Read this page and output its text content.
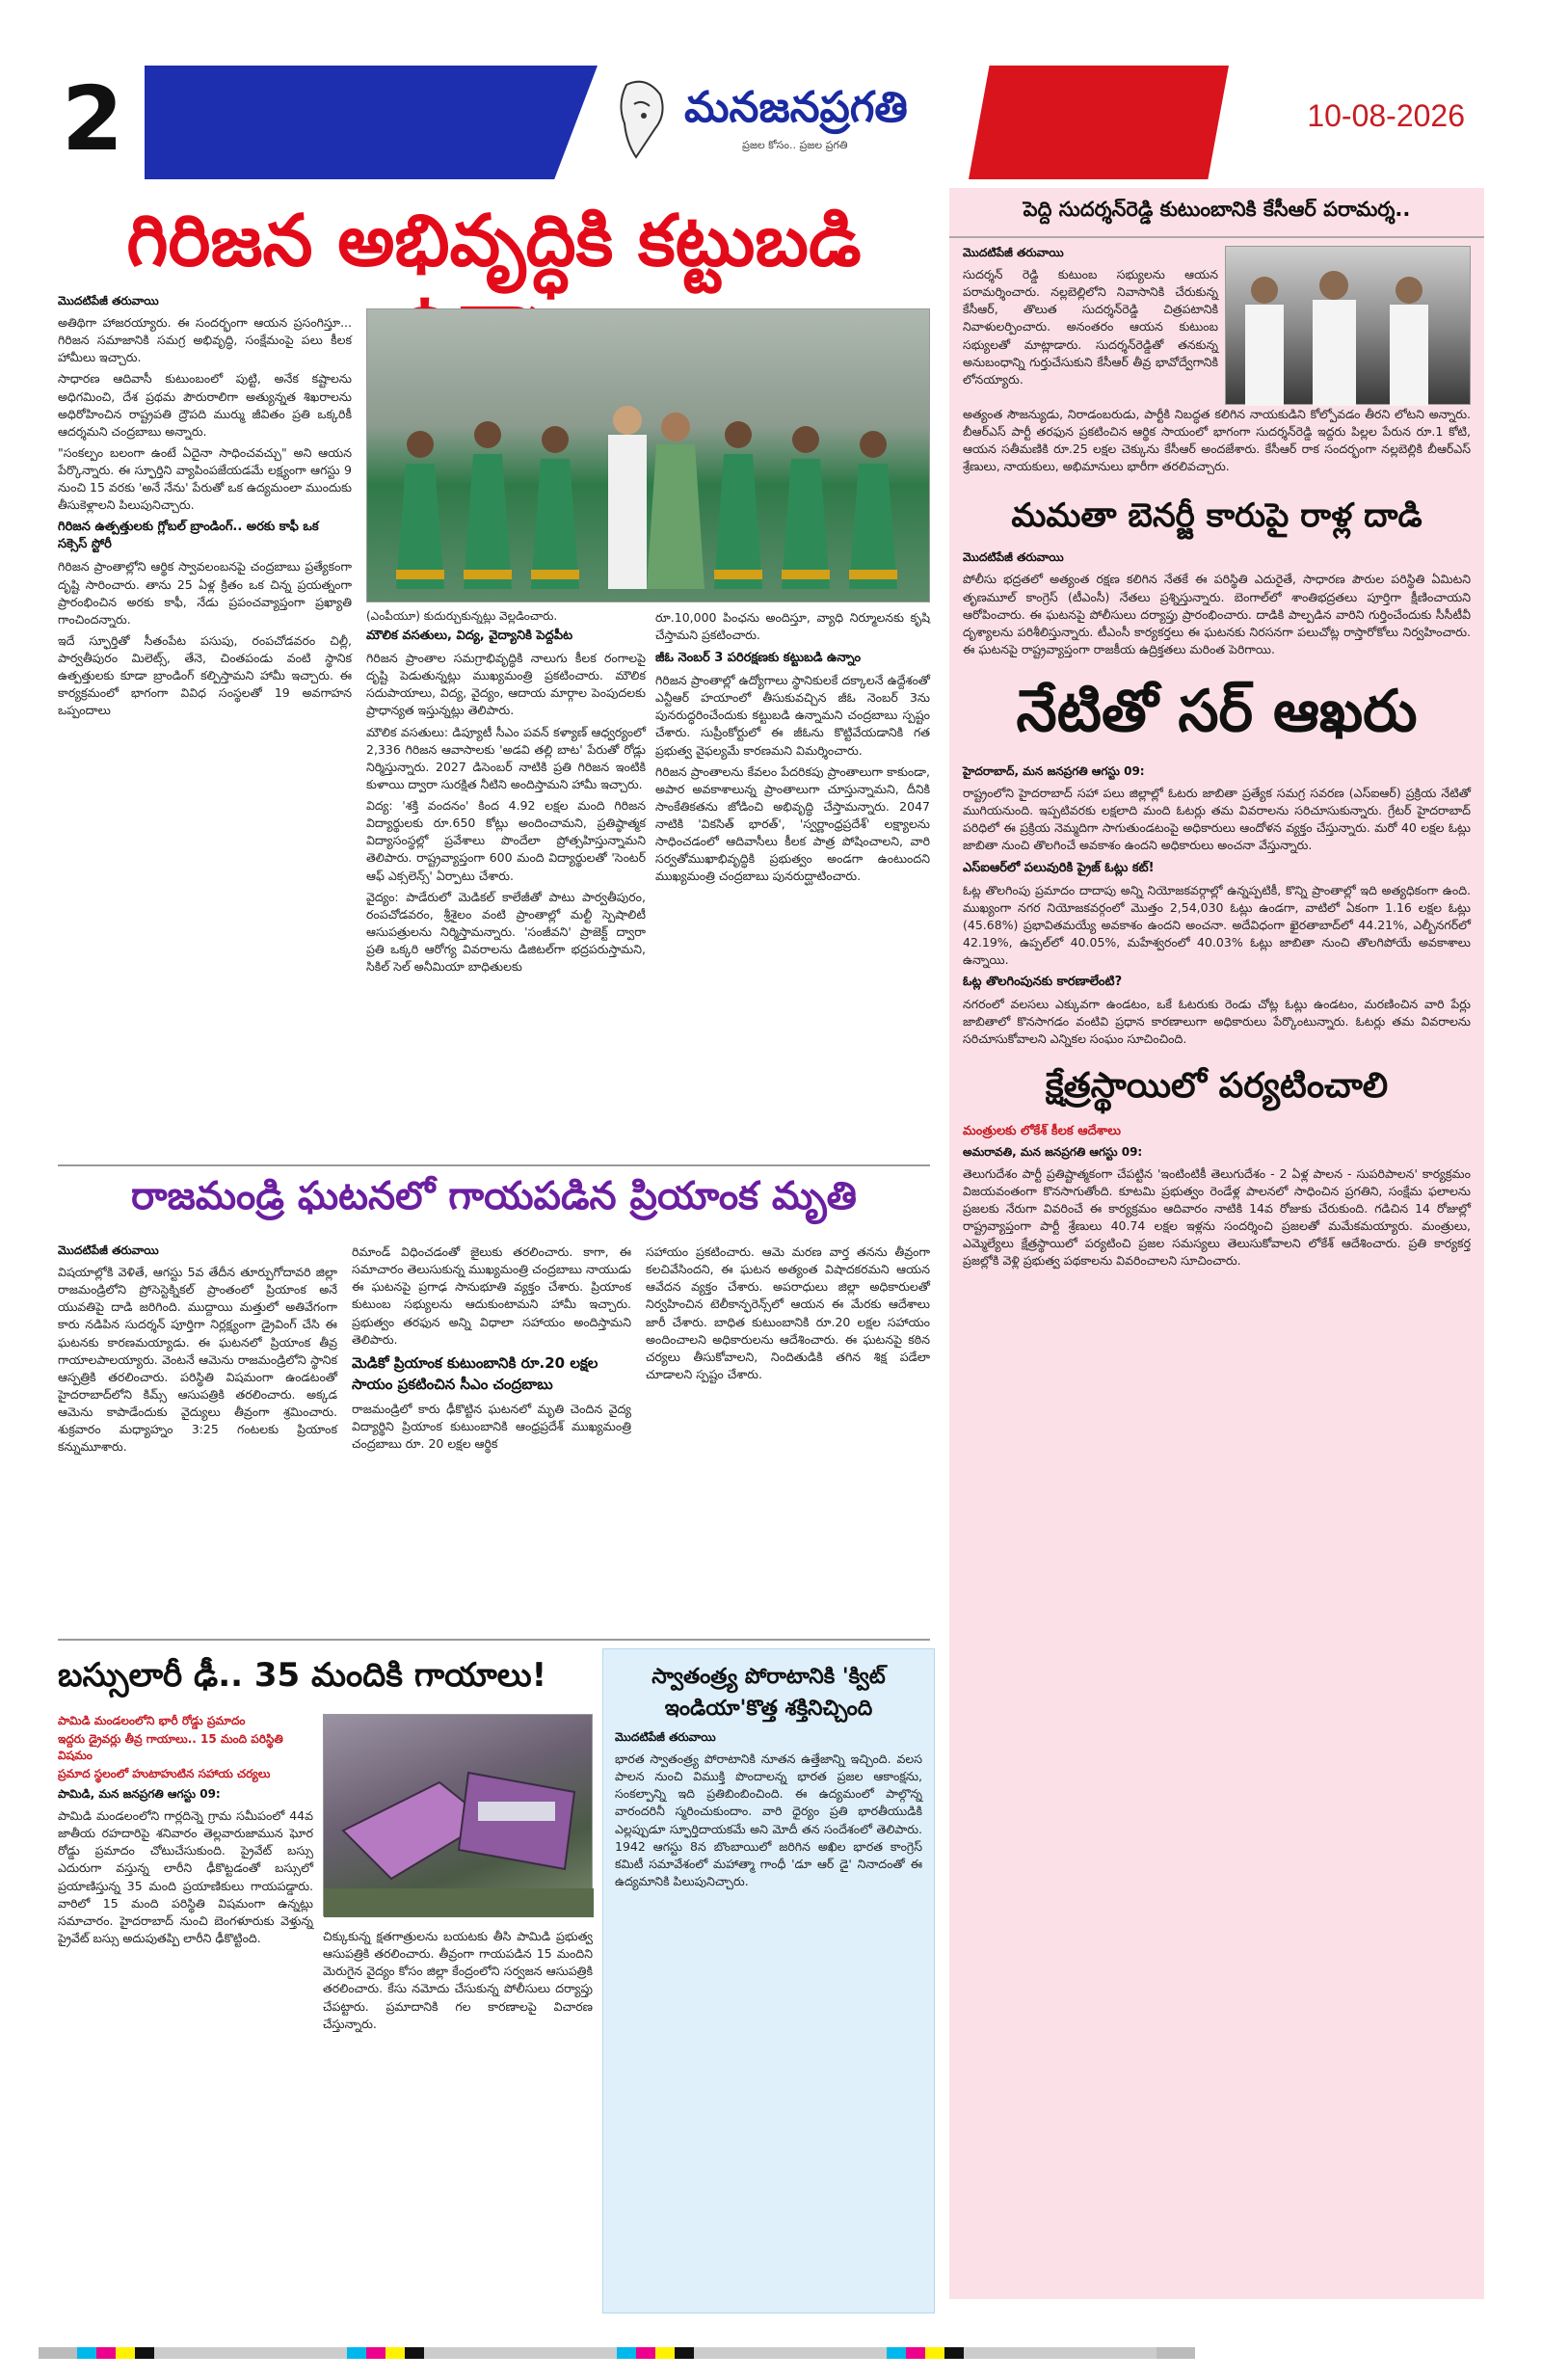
2	మనజనప్రగతి
ప్రజల కోసం.. ప్రజల ప్రగతి
10-08-2026
గిరిజన అభివృద్ధికి కట్టుబడి
మొదటిపేజీ తరువాయి

అతిథిగా హాజరయ్యారు. ఈ సందర్భంగా ఆయన ప్రసంగిస్తూ... గిరిజన సమాజానికి సమగ్ర అభివృద్ధి, సంక్షేమంపై పలు కీలక హామీలు ఇచ్చారు.

సాధారణ ఆదివాసీ కుటుంబంలో పుట్టి, అనేక కష్టాలను అధిగమించి, దేశ ప్రథమ పౌరురాలిగా అత్యున్నత శిఖరాలను అధిరోహించిన రాష్ట్రపతి ద్రౌపది ముర్ము జీవితం ప్రతి ఒక్కరికీ ఆదర్శమని చంద్రబాబు అన్నారు.

"సంకల్పం బలంగా ఉంటే ఏదైనా సాధించవచ్చు" అని ఆయన పేర్కొన్నారు. ఈ స్ఫూర్తిని వ్యాపింపజేయడమే లక్ష్యంగా ఆగస్టు 9 నుంచి 15 వరకు 'అనే నేను' పేరుతో ఒక ఉద్యమంలా ముందుకు తీసుకెళ్లాలని పిలుపునిచ్చారు.

గిరిజన ఉత్పత్తులకు గ్లోబల్ బ్రాండింగ్.. అరకు కాఫీ ఒక సక్సెస్ స్టోరీ

గిరిజన ప్రాంతాల్లోని ఆర్థిక స్వావలంబనపై చంద్రబాబు ప్రత్యేకంగా దృష్టి సారించారు. తాను 25 ఏళ్ల క్రితం ఒక చిన్న ప్రయత్నంగా ప్రారంభించిన అరకు కాఫీ, నేడు ప్రపంచవ్యాప్తంగా ప్రఖ్యాతి గాంచిందన్నారు.

ఇదే స్ఫూర్తితో సీతంపేట పసుపు, రంపచోడవరం చిల్లీ, పార్వతీపురం మిలెట్స్, తేనె, చింతపండు వంటి స్థానిక ఉత్పత్తులకు కూడా బ్రాండింగ్ కల్పిస్తామని హామీ ఇచ్చారు. ఈ కార్యక్రమంలో భాగంగా వివిధ సంస్థలతో 19 అవగాహన ఒప్పందాలు

(ఎంపీయూ) కుదుర్చుకున్నట్లు వెల్లడించారు.
మౌలిక వసతులు, విద్య, వైద్యానికి పెద్దపీట

గిరిజన ప్రాంతాల సమగ్రాభివృద్ధికి నాలుగు కీలక రంగాలపై దృష్టి పెడుతున్నట్లు ముఖ్యమంత్రి ప్రకటించారు. మౌలిక సదుపాయాలు, విద్య, వైద్యం, ఆదాయ మార్గాల పెంపుదలకు ప్రాధాన్యత ఇస్తున్నట్లు తెలిపారు.

మౌలిక వసతులు: డిప్యూటీ సీఎం పవన్ కళ్యాణ్ ఆధ్వర్యంలో 2,336 గిరిజన ఆవాసాలకు 'అడవి తల్లి బాట' పేరుతో రోడ్లు నిర్మిస్తున్నారు. 2027 డిసెంబర్ నాటికి ప్రతి గిరిజన ఇంటికి కుళాయి ద్వారా సురక్షిత నీటిని అందిస్తామని హామీ ఇచ్చారు.

విద్య: 'శక్తి వందనం' కింద 4.92 లక్షల మంది గిరిజన విద్యార్థులకు రూ.650 కోట్లు అందించామని, ప్రతిష్ఠాత్మక విద్యాసంస్థల్లో ప్రవేశాలు పొందేలా ప్రోత్సహిస్తున్నామని తెలిపారు. రాష్ట్రవ్యాప్తంగా 600 మంది విద్యార్థులతో 'సెంటర్ ఆఫ్ ఎక్సలెన్స్' ఏర్పాటు చేశారు.

వైద్యం: పాడేరులో మెడికల్ కాలేజీతో పాటు పార్వతీపురం, రంపచోడవరం, శ్రీశైలం వంటి ప్రాంతాల్లో మల్టీ స్పెషాలిటీ ఆసుపత్రులను నిర్మిస్తామన్నారు. 'సంజీవని' ప్రాజెక్ట్ ద్వారా ప్రతి ఒక్కరి ఆరోగ్య వివరాలను డిజిటల్‌గా భద్రపరుస్తామని, సికిల్ సెల్ అనీమియా బాధితులకు

రూ.10,000 పింఛను అందిస్తూ, వ్యాధి నిర్మూలనకు కృషి చేస్తామని ప్రకటించారు.

జీఓ నెంబర్ 3 పరిరక్షణకు కట్టుబడి ఉన్నాం

గిరిజన ప్రాంతాల్లో ఉద్యోగాలు స్థానికులకే దక్కాలనే ఉద్దేశంతో ఎన్టీఆర్ హయాంలో తీసుకువచ్చిన జీఓ నెంబర్ 3ను పునరుద్ధరించేందుకు కట్టుబడి ఉన్నామని చంద్రబాబు స్పష్టం చేశారు. సుప్రీంకోర్టులో ఈ జీఓను కొట్టివేయడానికి గత ప్రభుత్వ వైఫల్యమే కారణమని విమర్శించారు.

గిరిజన ప్రాంతాలను కేవలం పేదరికపు ప్రాంతాలుగా కాకుండా, అపార అవకాశాలున్న ప్రాంతాలుగా చూస్తున్నామని, దీనికి సాంకేతికతను జోడించి అభివృద్ధి చేస్తామన్నారు. 2047 నాటికి 'వికసిత్ భారత్', 'స్వర్ణాంధ్రప్రదేశ్' లక్ష్యాలను సాధించడంలో ఆదివాసీలు కీలక పాత్ర పోషించాలని, వారి సర్వతోముఖాభివృద్ధికి ప్రభుత్వం అండగా ఉంటుందని ముఖ్యమంత్రి చంద్రబాబు పునరుద్ఘాటించారు.

రాజమండ్రి ఘటనలో గాయపడిన ప్రియాంక మృతి
మొదటిపేజీ తరువాయి
విషయాల్లోకి వెళితే, ఆగస్టు 5వ తేదీన తూర్పుగోదావరి జిల్లా రాజమండ్రిలోని ప్రోసెస్టెక్నికల్ ప్రాంతంలో ప్రియాంక అనే యువతిపై దాడి జరిగింది. ముద్దాయి మత్తులో అతివేగంగా కారు నడిపిన సుదర్శన్ పూర్తిగా నిర్లక్ష్యంగా డ్రైవింగ్ చేసి ఈ ఘటనకు కారణమయ్యాడు. ఈ ఘటనలో ప్రియాంక తీవ్ర గాయాలపాలయ్యారు. వెంటనే ఆమెను రాజమండ్రిలోని స్థానిక ఆస్పత్రికి తరలించారు. పరిస్థితి విషమంగా ఉండటంతో హైదరాబాద్‌లోని కిమ్స్ ఆసుపత్రికి తరలించారు. అక్కడ ఆమెను కాపాడేందుకు వైద్యులు తీవ్రంగా శ్రమించారు. శుక్రవారం మధ్యాహ్నం 3:25 గంటలకు ప్రియాంక కన్నుమూశారు.
రిమాండ్ విధించడంతో జైలుకు తరలించారు. కాగా, ఈ సమాచారం తెలుసుకున్న ముఖ్యమంత్రి చంద్రబాబు నాయుడు ఈ ఘటనపై ప్రగాఢ సానుభూతి వ్యక్తం చేశారు. ప్రియాంక కుటుంబ సభ్యులను ఆదుకుంటామని హామీ ఇచ్చారు. ప్రభుత్వం తరఫున అన్ని విధాలా సహాయం అందిస్తామని తెలిపారు.
మెడికో ప్రియాంక కుటుంబానికి రూ.20 లక్షల సాయం ప్రకటించిన సీఎం చంద్రబాబు
రాజమండ్రిలో కారు ఢీకొట్టిన ఘటనలో మృతి చెందిన వైద్య విద్యార్థిని ప్రియాంక కుటుంబానికి ఆంధ్రప్రదేశ్ ముఖ్యమంత్రి చంద్రబాబు రూ. 20 లక్షల ఆర్థిక
సహాయం ప్రకటించారు. ఆమె మరణ వార్త తనను తీవ్రంగా కలచివేసిందని, ఈ ఘటన అత్యంత విషాదకరమని ఆయన ఆవేదన వ్యక్తం చేశారు. అపరాధులు జిల్లా అధికారులతో నిర్వహించిన టెలీకాన్ఫరెన్స్‌లో ఆయన ఈ మేరకు ఆదేశాలు జారీ చేశారు. బాధిత కుటుంబానికి రూ.20 లక్షల సహాయం అందించాలని అధికారులను ఆదేశించారు. ఈ ఘటనపై కఠిన చర్యలు తీసుకోవాలని, నిందితుడికి తగిన శిక్ష పడేలా చూడాలని స్పష్టం చేశారు.
బస్సులారీ ఢీ.. 35 మందికి గాయాలు!
పామిడి మండలంలోని భారీ రోడ్డు ప్రమాదం
ఇద్దరు డ్రైవర్లు తీవ్ర గాయాలు.. 15 మంది పరిస్థితి విషమం
ప్రమాద స్థలంలో హుటాహుటిన సహాయ చర్యలు
పామిడి, మన జనప్రగతి ఆగస్టు 09:
పామిడి మండలంలోని గార్లదిన్నె గ్రామ సమీపంలో 44వ జాతీయ రహదారిపై శనివారం తెల్లవారుజామున ఘోర రోడ్డు ప్రమాదం చోటుచేసుకుంది. ప్రైవేట్ బస్సు ఎదురుగా వస్తున్న లారీని ఢీకొట్టడంతో బస్సులో ప్రయాణిస్తున్న 35 మంది ప్రయాణికులు గాయపడ్డారు. వారిలో 15 మంది పరిస్థితి విషమంగా ఉన్నట్లు సమాచారం. హైదరాబాద్ నుంచి బెంగళూరుకు వెళ్తున్న ప్రైవేట్ బస్సు అదుపుతప్పి లారీని ఢీకొట్టింది.	చిక్కుకున్న క్షతగాత్రులను బయటకు తీసి పామిడి ప్రభుత్వ ఆసుపత్రికి తరలించారు. తీవ్రంగా గాయపడిన 15 మందిని మెరుగైన వైద్యం కోసం జిల్లా కేంద్రంలోని సర్వజన ఆసుపత్రికి తరలించారు. కేసు నమోదు చేసుకున్న పోలీసులు దర్యాప్తు చేపట్టారు. ప్రమాదానికి గల కారణాలపై విచారణ చేస్తున్నారు.
స్వాతంత్ర్య పోరాటానికి 'క్విట్ ఇండియా'కొత్త శక్తినిచ్చింది
మొదటిపేజీ తరువాయి
భారత స్వాతంత్ర్య పోరాటానికి నూతన ఉత్తేజాన్ని ఇచ్చింది. వలస పాలన నుంచి విముక్తి పొందాలన్న భారత ప్రజల ఆకాంక్షను, సంకల్పాన్ని ఇది ప్రతిబింబించింది. ఈ ఉద్యమంలో పాల్గొన్న వారందరినీ స్మరించుకుందాం. వారి ధైర్యం ప్రతి భారతీయుడికి ఎల్లప్పుడూ స్ఫూర్తిదాయకమే అని మోదీ తన సందేశంలో తెలిపారు. 1942 ఆగస్టు 8న బొంబాయిలో జరిగిన అఖిల భారత కాంగ్రెస్ కమిటీ సమావేశంలో మహాత్మా గాంధీ 'డూ ఆర్ డై' నినాదంతో ఈ ఉద్యమానికి పిలుపునిచ్చారు.
పెద్ది సుదర్శన్‌రెడ్డి కుటుంబానికి కేసీఆర్ పరామర్శ..
మొదటిపేజీ తరువాయి
సుదర్శన్ రెడ్డి కుటుంబ సభ్యులను ఆయన పరామర్శించారు. నల్లబెల్లిలోని నివాసానికి చేరుకున్న కేసీఆర్, తొలుత సుదర్శన్‌రెడ్డి చిత్రపటానికి నివాళులర్పించారు. అనంతరం ఆయన కుటుంబ సభ్యులతో మాట్లాడారు. సుదర్శన్‌రెడ్డితో తనకున్న అనుబంధాన్ని గుర్తుచేసుకుని కేసీఆర్ తీవ్ర భావోద్వేగానికి లోనయ్యారు.
అత్యంత సౌజన్యుడు, నిరాడంబరుడు, పార్టీకి నిబద్ధత కలిగిన నాయకుడిని కోల్పోవడం తీరని లోటని అన్నారు. బీఆర్ఎస్ పార్టీ తరఫున ప్రకటించిన ఆర్థిక సాయంలో భాగంగా సుదర్శన్‌రెడ్డి ఇద్దరు పిల్లల పేరున రూ.1 కోటి, ఆయన సతీమణికి రూ.25 లక్షల చెక్కును కేసీఆర్ అందజేశారు. కేసీఆర్ రాక సందర్భంగా నల్లబెల్లికి బీఆర్ఎస్ శ్రేణులు, నాయకులు, అభిమానులు భారీగా తరలివచ్చారు.
మమతా బెనర్జీ కారుపై రాళ్ల దాడి
మొదటిపేజీ తరువాయి
పోలీసు భద్రతలో అత్యంత రక్షణ కలిగిన నేతకే ఈ పరిస్థితి ఎదురైతే, సాధారణ పౌరుల పరిస్థితి ఏమిటని తృణమూల్ కాంగ్రెస్ (టీఎంసీ) నేతలు ప్రశ్నిస్తున్నారు. బెంగాల్‌లో శాంతిభద్రతలు పూర్తిగా క్షీణించాయని ఆరోపించారు. ఈ ఘటనపై పోలీసులు దర్యాప్తు ప్రారంభించారు. దాడికి పాల్పడిన వారిని గుర్తించేందుకు సీసీటీవీ దృశ్యాలను పరిశీలిస్తున్నారు. టీఎంసీ కార్యకర్తలు ఈ ఘటనకు నిరసనగా పలుచోట్ల రాస్తారోకోలు నిర్వహించారు. ఈ ఘటనపై రాష్ట్రవ్యాప్తంగా రాజకీయ ఉద్రిక్తతలు మరింత పెరిగాయి.
నేటితో సర్ ఆఖరు
హైదరాబాద్, మన జనప్రగతి ఆగస్టు 09:
రాష్ట్రంలోని హైదరాబాద్ సహా పలు జిల్లాల్లో ఓటరు జాబితా ప్రత్యేక సమగ్ర సవరణ (ఎస్ఐఆర్) ప్రక్రియ నేటితో ముగియనుంది. ఇప్పటివరకు లక్షలాది మంది ఓటర్లు తమ వివరాలను సరిచూసుకున్నారు. గ్రేటర్ హైదరాబాద్ పరిధిలో ఈ ప్రక్రియ నెమ్మదిగా సాగుతుండటంపై అధికారులు ఆందోళన వ్యక్తం చేస్తున్నారు. మరో 40 లక్షల ఓట్లు జాబితా నుంచి తొలగించే అవకాశం ఉందని అధికారులు అంచనా వేస్తున్నారు.
ఎస్ఐఆర్‌లో పలువురికి ప్రైజ్ ఓట్లు కట్!
ఓట్ల తొలగింపు ప్రమాదం దాదాపు అన్ని నియోజకవర్గాల్లో ఉన్నప్పటికీ, కొన్ని ప్రాంతాల్లో ఇది అత్యధికంగా ఉంది. ముఖ్యంగా నగర నియోజకవర్గంలో మొత్తం 2,54,030 ఓట్లు ఉండగా, వాటిలో ఏకంగా 1.16 లక్షల ఓట్లు (45.68%) ప్రభావితమయ్యే అవకాశం ఉందని అంచనా. అదేవిధంగా ఖైరతాబాద్‌లో 44.21%, ఎల్బీనగర్‌లో 42.19%, ఉప్పల్‌లో 40.05%, మహేశ్వరంలో 40.03% ఓట్లు జాబితా నుంచి తొలగిపోయే అవకాశాలు ఉన్నాయి.
ఓట్ల తొలగింపునకు కారణాలేంటి?
నగరంలో వలసలు ఎక్కువగా ఉండటం, ఒకే ఓటరుకు రెండు చోట్ల ఓట్లు ఉండటం, మరణించిన వారి పేర్లు జాబితాలో కొనసాగడం వంటివి ప్రధాన కారణాలుగా అధికారులు పేర్కొంటున్నారు. ఓటర్లు తమ వివరాలను సరిచూసుకోవాలని ఎన్నికల సంఘం సూచించింది.
క్షేత్రస్థాయిలో పర్యటించాలి
మంత్రులకు లోకేశ్ కీలక ఆదేశాలు
అమరావతి, మన జనప్రగతి ఆగస్టు 09:
తెలుగుదేశం పార్టీ ప్రతిష్టాత్మకంగా చేపట్టిన 'ఇంటింటికీ తెలుగుదేశం - 2 ఏళ్ల పాలన - సుపరిపాలన' కార్యక్రమం విజయవంతంగా కొనసాగుతోంది. కూటమి ప్రభుత్వం రెండేళ్ల పాలనలో సాధించిన ప్రగతిని, సంక్షేమ ఫలాలను ప్రజలకు నేరుగా వివరించే ఈ కార్యక్రమం ఆదివారం నాటికి 14వ రోజుకు చేరుకుంది. గడిచిన 14 రోజుల్లో రాష్ట్రవ్యాప్తంగా పార్టీ శ్రేణులు 40.74 లక్షల ఇళ్లను సందర్శించి ప్రజలతో మమేకమయ్యారు. మంత్రులు, ఎమ్మెల్యేలు క్షేత్రస్థాయిలో పర్యటించి ప్రజల సమస్యలు తెలుసుకోవాలని లోకేశ్ ఆదేశించారు. ప్రతి కార్యకర్త ప్రజల్లోకి వెళ్లి ప్రభుత్వ పథకాలను వివరించాలని సూచించారు.
